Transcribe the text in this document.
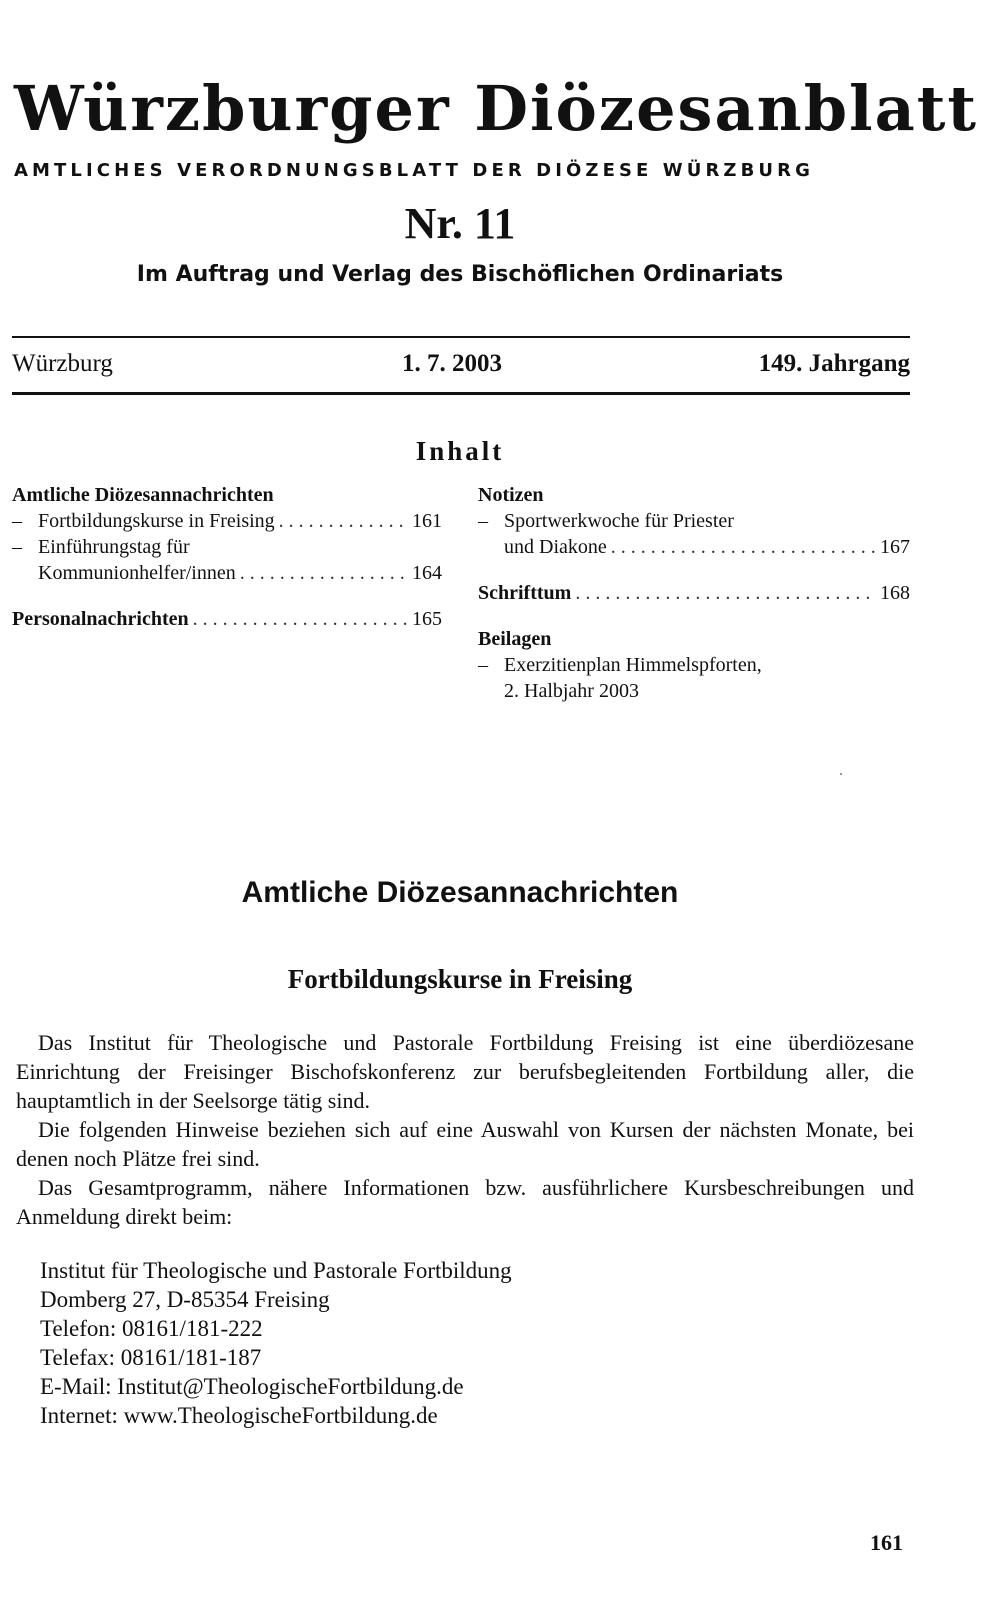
Würzburger Diözesanblatt
AMTLICHES VERORDNUNGSBLATT DER DIÖZESE WÜRZBURG
Nr. 11
Im Auftrag und Verlag des Bischöflichen Ordinariats
Würzburg	1. 7. 2003	149. Jahrgang
Inhalt
Amtliche Diözesannachrichten
– Fortbildungskurse in Freising . . .	161
– Einführungstag für
Kommunionhelfer/innen . . .	164
Personalnachrichten . . .	165
Notizen
– Sportwerkwoche für Priester
und Diakone . . .	167
Schrifttum . . .	168
Beilagen
– Exerzitienplan Himmelspforten,
2. Halbjahr 2003
Amtliche Diözesannachrichten
Fortbildungskurse in Freising

Das Institut für Theologische und Pastorale Fortbildung Freising ist eine überdiözesane Einrichtung der Freisinger Bischofskonferenz zur berufsbegleitenden Fortbildung aller, die hauptamtlich in der Seelsorge tätig sind.

Die folgenden Hinweise beziehen sich auf eine Auswahl von Kursen der nächsten Monate, bei denen noch Plätze frei sind.

Das Gesamtprogramm, nähere Informationen bzw. ausführlichere Kursbeschreibungen und Anmeldung direkt beim:

Institut für Theologische und Pastorale Fortbildung
Domberg 27, D-85354 Freising
Telefon: 08161/181-222
Telefax: 08161/181-187
E-Mail: Institut@TheologischeFortbildung.de
Internet: www.TheologischeFortbildung.de
161
